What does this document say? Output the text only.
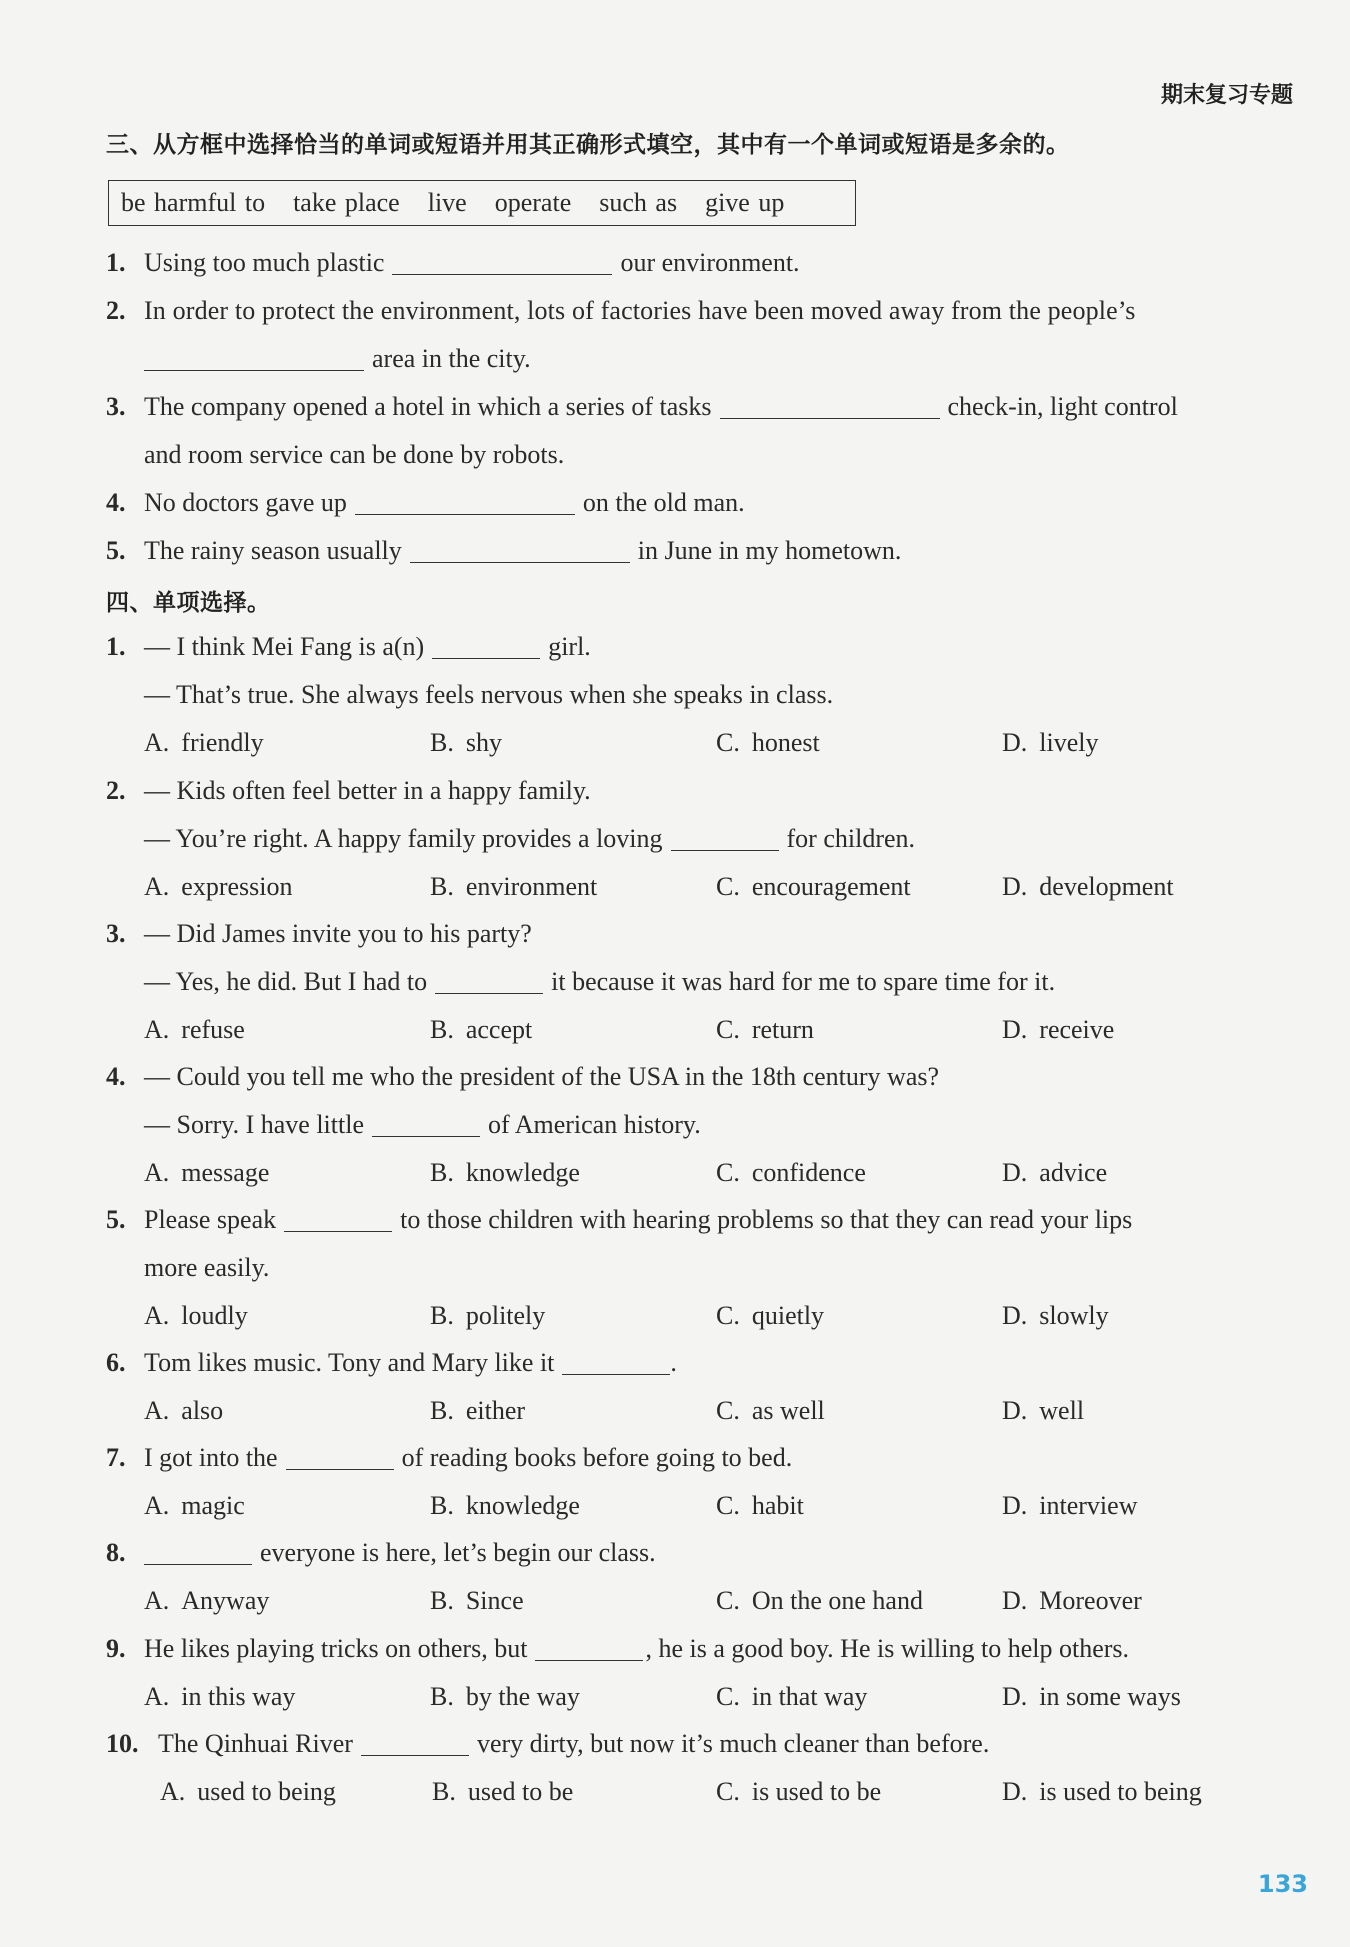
期末复习专题
三、从方框中选择恰当的单词或短语并用其正确形式填空，其中有一个单词或短语是多余的。
be harmful to take place live operate such as give up
1. Using too much plastic	our environment.
2. In order to protect the environment, lots of factories have been moved away from the people’s
area in the city.
3. The company opened a hotel in which a series of tasks	check-in, light control
and room service can be done by robots.
4. No doctors gave up	on the old man.
5. The rainy season usually	in June in my hometown.
四、单项选择。
1. — I think Mei Fang is a(n)	girl.
— That’s true. She always feels nervous when she speaks in class.
A. friendly	B. shy	C. honest	D. lively
2. — Kids often feel better in a happy family.
— You’re right. A happy family provides a loving	for children.
A. expression	B. environment	C. encouragement	D. development
3. — Did James invite you to his party?
— Yes, he did. But I had to	it because it was hard for me to spare time for it.
A. refuse	B. accept	C. return	D. receive
4. — Could you tell me who the president of the USA in the 18th century was?
— Sorry. I have little	of American history.
A. message	B. knowledge	C. confidence	D. advice
5. Please speak	to those children with hearing problems so that they can read your lips
more easily.
A. loudly	B. politely	C. quietly	D. slowly
6. Tom likes music. Tony and Mary like it	.
A. also	B. either	C. as well	D. well
7. I got into the	of reading books before going to bed.
A. magic	B. knowledge	C. habit	D. interview
8.	everyone is here, let’s begin our class.
A. Anyway	B. Since	C. On the one hand	D. Moreover
9. He likes playing tricks on others, but	, he is a good boy. He is willing to help others.
A. in this way	B. by the way	C. in that way	D. in some ways
10. The Qinhuai River	very dirty, but now it’s much cleaner than before.
A. used to being	B. used to be	C. is used to be	D. is used to being
133
